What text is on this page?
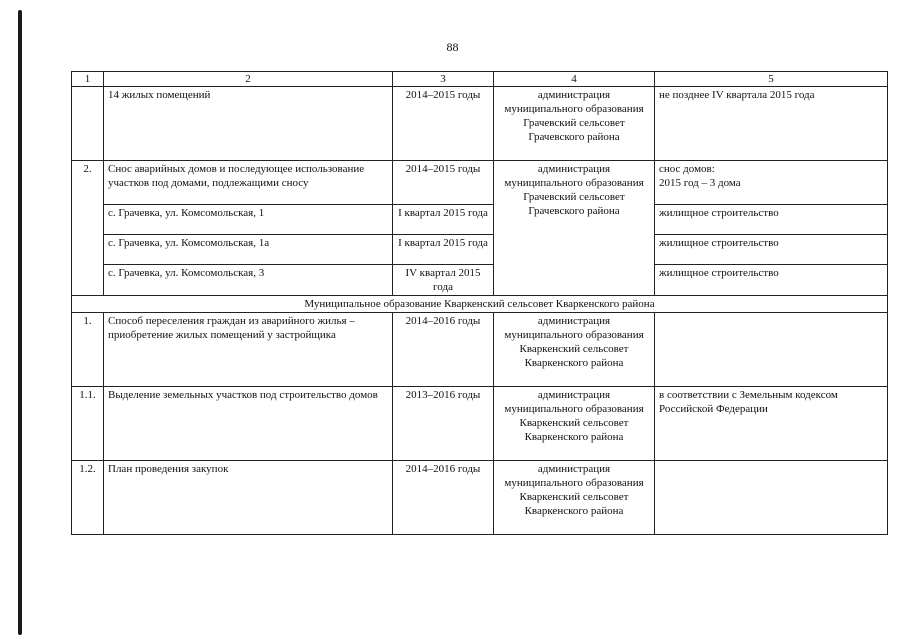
88
1	2	3	4	5
	14 жилых помещений	2014–2015 годы	администрация муниципального образования Грачевский сельсовет Грачевского района	не позднее IV квартала 2015 года
2.	Снос аварийных домов и последующее использование участков под домами, подлежащими сносу	2014–2015 годы	администрация муниципального образования Грачевский сельсовет Грачевского района	снос домов:
2015 год – 3 дома

	с. Грачевка, ул. Комсомольская, 1	I квартал 2015 года		жилищное строительство
	с. Грачевка, ул. Комсомольская, 1а	I квартал 2015 года		жилищное строительство
	с. Грачевка, ул. Комсомольская, 3	IV квартал 2015 года		жилищное строительство
Муниципальное образование Кваркенский сельсовет Кваркенского района				
1.	Способ переселения граждан из аварийного жилья – приобретение жилых помещений у застройщика	2014–2016 годы	администрация муниципального образования Кваркенский сельсовет Кваркенского района	
1.1.	Выделение земельных участков под строительство домов	2013–2016 годы	администрация муниципального образования Кваркенский сельсовет Кваркенского района	в соответствии с Земельным кодексом Российской Федерации
1.2.	План проведения закупок	2014–2016 годы	администрация муниципального образования Кваркенский сельсовет Кваркенского района	
